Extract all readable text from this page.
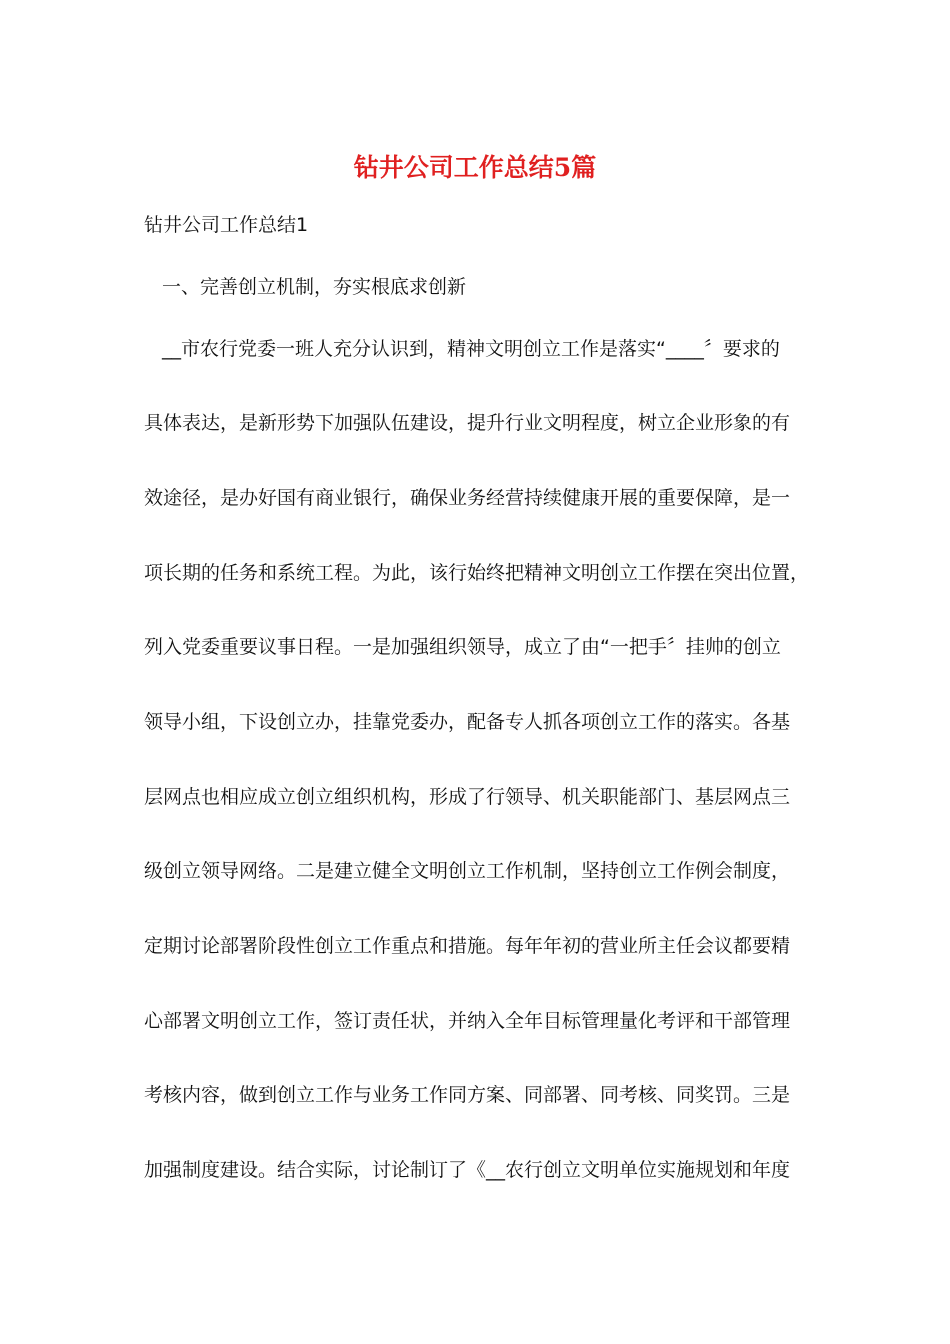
钻井公司工作总结5篇
钻井公司工作总结1
一、完善创立机制，夯实根底求创新
__市农行党委一班人充分认识到，精神文明创立工作是落实“____〞要求的
具体表达，是新形势下加强队伍建设，提升行业文明程度，树立企业形象的有
效途径，是办好国有商业银行，确保业务经营持续健康开展的重要保障，是一
项长期的任务和系统工程。为此，该行始终把精神文明创立工作摆在突出位置，
列入党委重要议事日程。一是加强组织领导，成立了由“一把手〞挂帅的创立
领导小组，下设创立办，挂靠党委办，配备专人抓各项创立工作的落实。各基
层网点也相应成立创立组织机构，形成了行领导、机关职能部门、基层网点三
级创立领导网络。二是建立健全文明创立工作机制，坚持创立工作例会制度，
定期讨论部署阶段性创立工作重点和措施。每年年初的营业所主任会议都要精
心部署文明创立工作，签订责任状，并纳入全年目标管理量化考评和干部管理
考核内容，做到创立工作与业务工作同方案、同部署、同考核、同奖罚。三是
加强制度建设。结合实际，讨论制订了《__农行创立文明单位实施规划和年度
